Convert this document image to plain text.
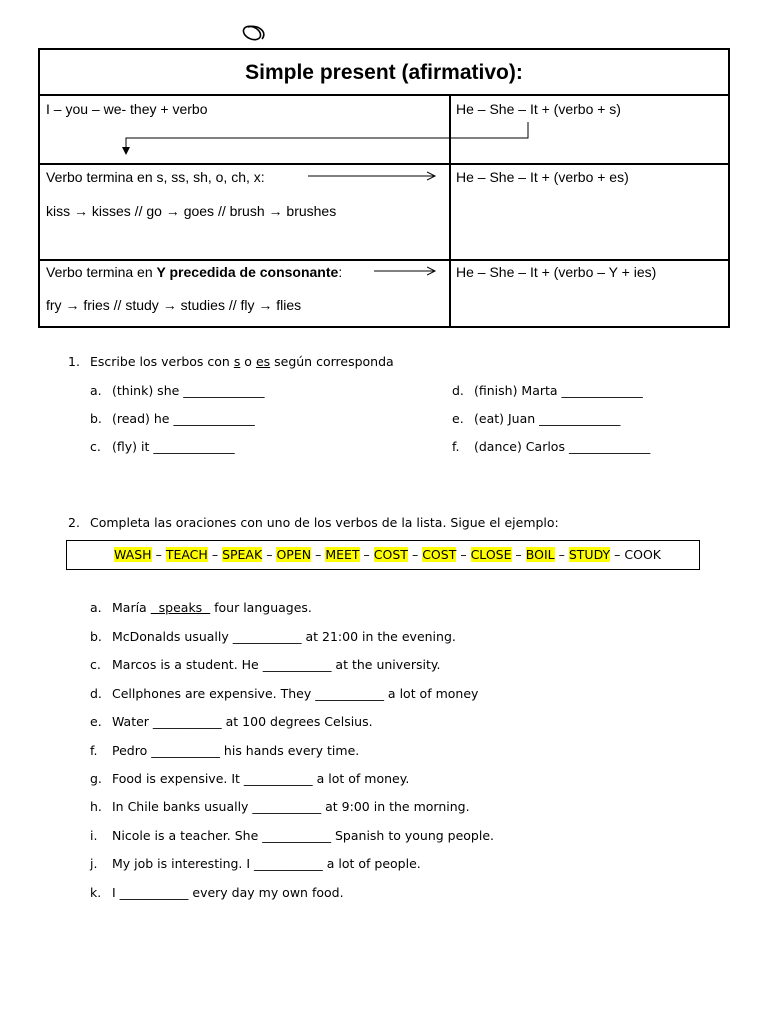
Simple present (afirmativo):
I – you – we- they + verbo	He – She – It + (verbo + s)
Verbo termina en s, ss, sh, o, ch, x:
kiss → kisses // go → goes // brush → brushes
He – She – It + (verbo + es)
Verbo termina en Y precedida de consonante:
fry → fries // study → studies // fly → flies
He – She – It + (verbo – Y + ies)
1. Escribe los verbos con s o es según corresponda
a. (think) she _____________
b. (read) he _____________
c. (fly) it _____________
d. (finish) Marta _____________
e. (eat) Juan _____________
f. (dance) Carlos _____________
2. Completa las oraciones con uno de los verbos de la lista. Sigue el ejemplo:
WASH – TEACH – SPEAK – OPEN – MEET – COST – COST – CLOSE – BOIL – STUDY – COOK
a. María   speaks   four languages.
b. McDonalds usually ___________ at 21:00 in the evening.
c. Marcos is a student. He ___________ at the university.
d. Cellphones are expensive. They ___________ a lot of money
e. Water ___________ at 100 degrees Celsius.
f. Pedro ___________ his hands every time.
g. Food is expensive. It ___________ a lot of money.
h. In Chile banks usually ___________ at 9:00 in the morning.
i. Nicole is a teacher. She ___________ Spanish to young people.
j. My job is interesting. I ___________ a lot of people.
k. I ___________ every day my own food.
